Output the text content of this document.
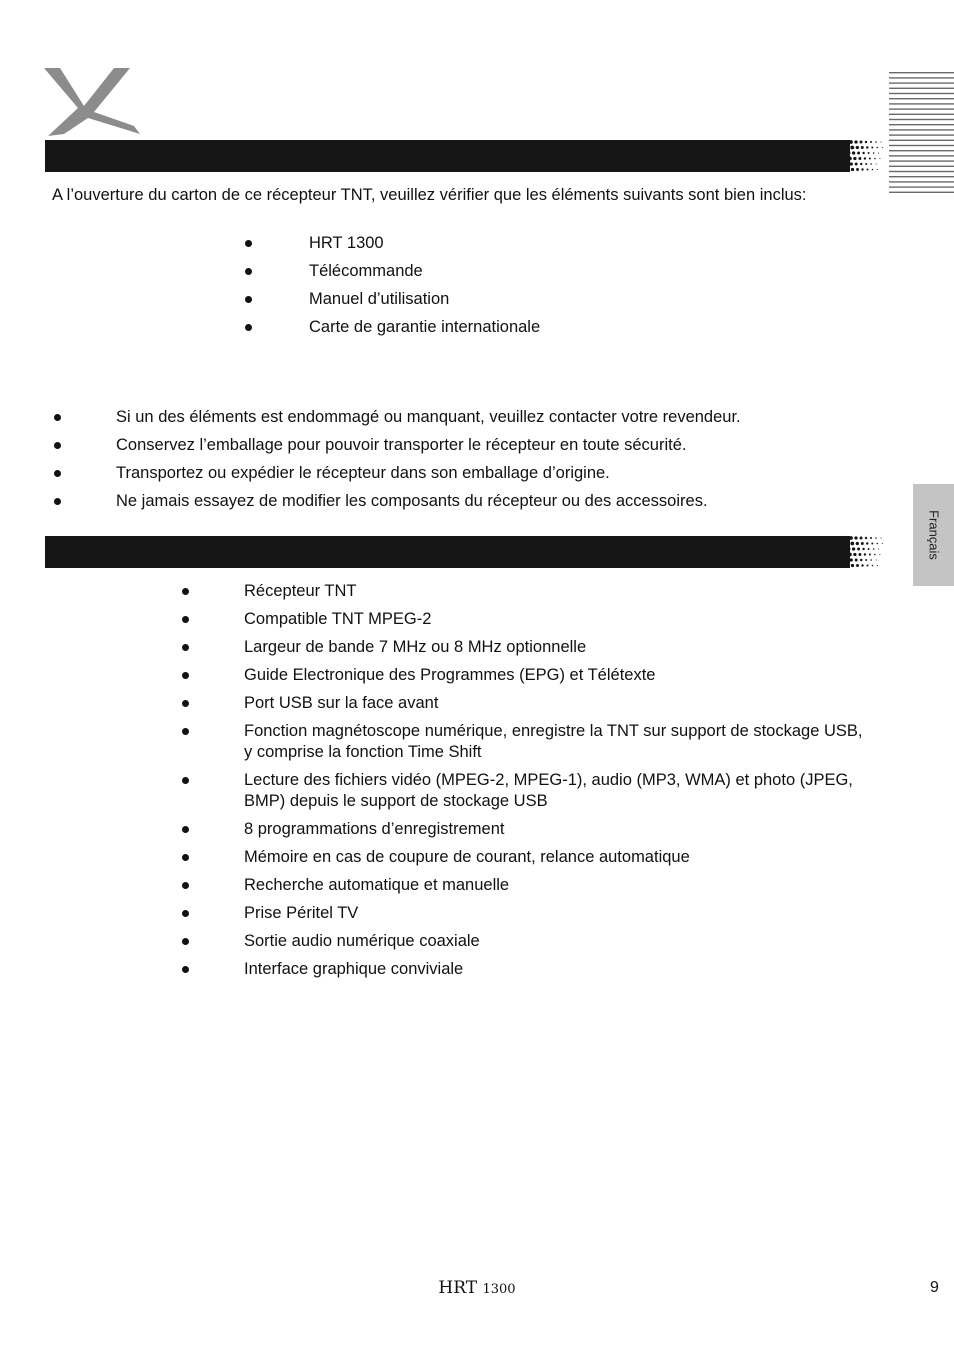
Français

A l’ouverture du carton de ce récepteur TNT, veuillez vérifier que les éléments suivants sont bien inclus:

HRT 1300
Télécommande
Manuel d’utilisation
Carte de garantie internationale
Si un des éléments est endommagé ou manquant, veuillez contacter votre revendeur.
Conservez l’emballage pour pouvoir transporter le récepteur en toute sécurité.
Transportez ou expédier le récepteur dans son emballage d’origine.
Ne jamais essayez de modifier les composants du récepteur ou des accessoires.
Récepteur TNT
Compatible TNT MPEG-2
Largeur de bande 7 MHz ou 8 MHz optionnelle
Guide Electronique des Programmes (EPG) et Télétexte
Port USB sur la face avant
Fonction magnétoscope numérique, enregistre la TNT sur support de stockage USB, y comprise la fonction Time Shift
Lecture des fichiers vidéo (MPEG-2, MPEG-1), audio (MP3, WMA) et photo (JPEG, BMP) depuis le support de stockage USB
8 programmations d’enregistrement
Mémoire en cas de coupure de courant, relance automatique
Recherche automatique et manuelle
Prise Péritel TV
Sortie audio numérique coaxiale
Interface graphique conviviale
HRT 1300	9
